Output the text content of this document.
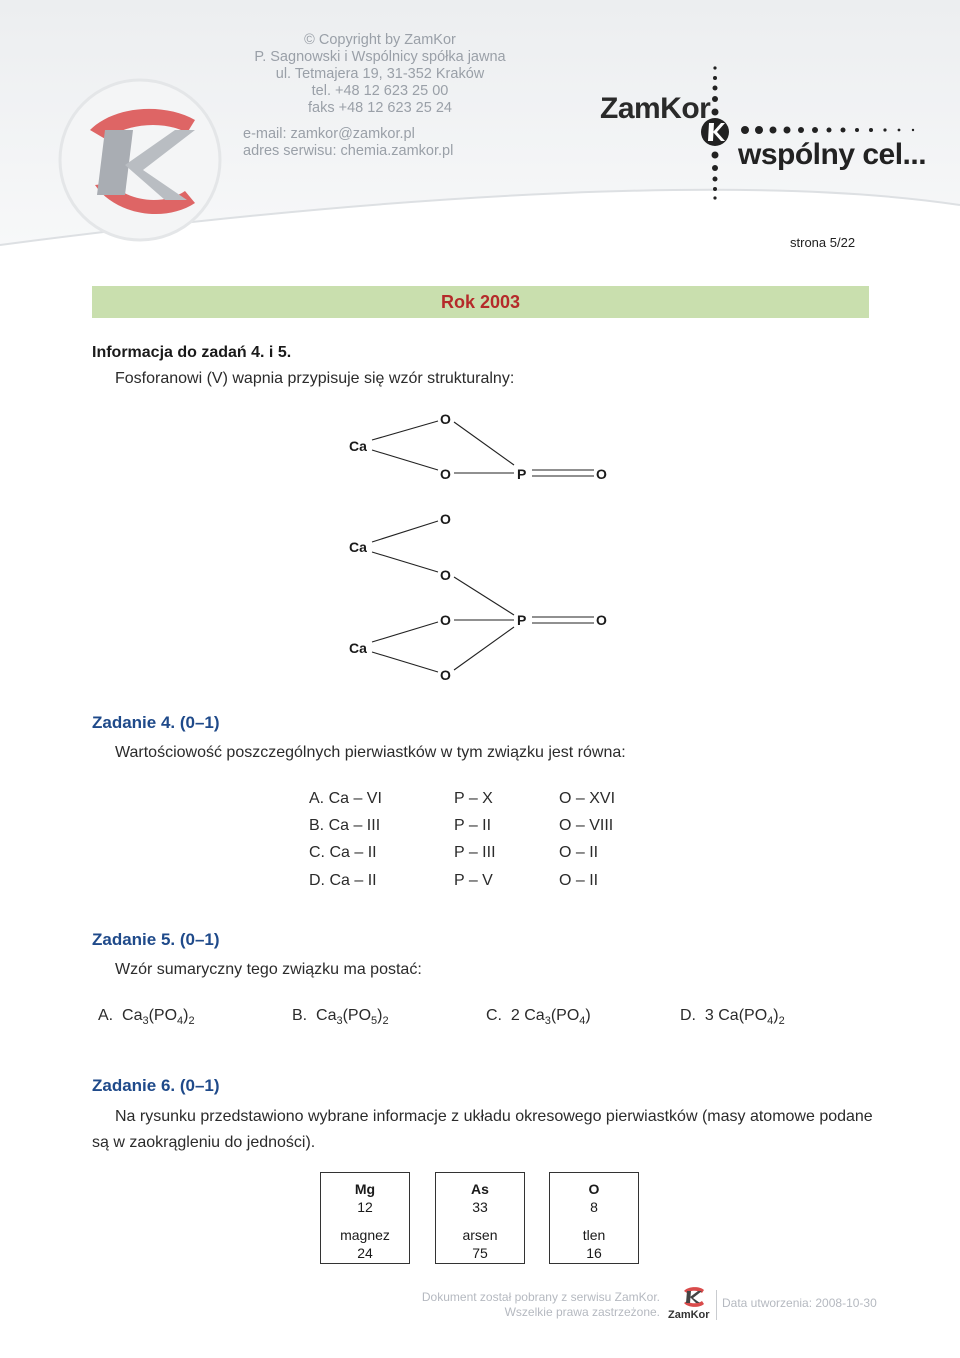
© Copyright by ZamKor
P. Sagnowski i Wspólnicy spółka jawna
ul. Tetmajera 19, 31-352 Kraków
tel. +48 12 623 25 00
faks +48 12 623 25 24
e-mail: zamkor@zamkor.pl
adres serwisu: chemia.zamkor.pl
ZamKor
wspólny cel...
strona 5/22
Rok 2003
Informacja do zadań 4. i 5.
Fosforanowi (V) wapnia przypisuje się wzór strukturalny:
Ca
O
O	P	O
Ca
O
O
O	P	O
Ca
O
Zadanie 4. (0–1)
Wartościowość poszczególnych pierwiastków w tym związku jest równa:
A. Ca – VI	P – X	O – XVI
B. Ca – III	P – II	O – VIII
C. Ca – II	P – III	O – II
D. Ca – II	P – V	O – II
Zadanie 5. (0–1)
Wzór sumaryczny tego związku ma postać:
A. $Ca_3(PO_4)_2$	B. $Ca_3(PO_5)_2$	C. 2 $Ca_3(PO_4)$	D. 3 $Ca(PO_4)_2$
Zadanie 6. (0–1)
Na rysunku przedstawiono wybrane informacje z układu okresowego pierwiastków (masy atomowe podane są w zaokrągleniu do jedności).
Mg
12
magnez
24
As
33
arsen
75
O
8
tlen
16
Dokument został pobrany z serwisu ZamKor.
Wszelkie prawa zastrzeżone. ZamKor
Data utworzenia: 2008-10-30
